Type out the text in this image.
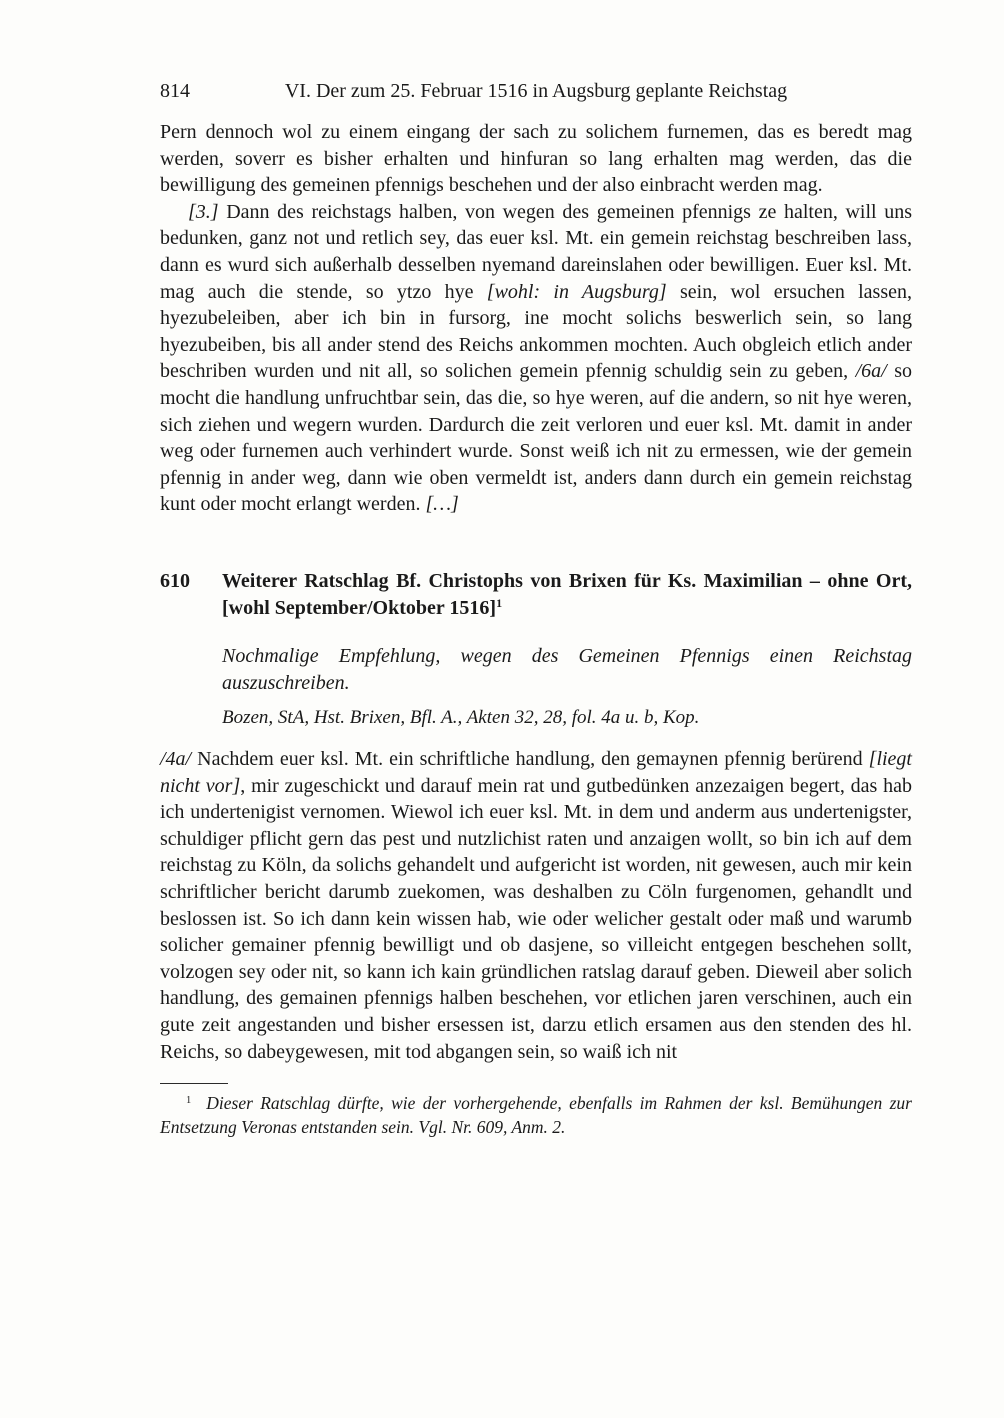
814	VI. Der zum 25. Februar 1516 in Augsburg geplante Reichstag

Pern dennoch wol zu einem eingang der sach zu solichem furnemen, das es beredt mag werden, soverr es bisher erhalten und hinfuran so lang erhalten mag werden, das die bewilligung des gemeinen pfennigs beschehen und der also einbracht werden mag.

[3.] Dann des reichstags halben, von wegen des gemeinen pfennigs ze halten, will uns bedunken, ganz not und retlich sey, das euer ksl. Mt. ein gemein reichstag beschreiben lass, dann es wurd sich außerhalb desselben nyemand dareinslahen oder bewilligen. Euer ksl. Mt. mag auch die stende, so ytzo hye [wohl: in Augsburg] sein, wol ersuchen lassen, hyezubeleiben, aber ich bin in fursorg, ine mocht solichs beswerlich sein, so lang hyezubeiben, bis all ander stend des Reichs ankommen mochten. Auch obgleich etlich ander beschriben wurden und nit all, so solichen gemein pfennig schuldig sein zu geben, /6a/ so mocht die handlung unfruchtbar sein, das die, so hye weren, auf die andern, so nit hye weren, sich ziehen und wegern wurden. Dardurch die zeit verloren und euer ksl. Mt. damit in ander weg oder furnemen auch verhindert wurde. Sonst weiß ich nit zu ermessen, wie der gemein pfennig in ander weg, dann wie oben vermeldt ist, anders dann durch ein gemein reichstag kunt oder mocht erlangt werden. […]

610	Weiterer Ratschlag Bf. Christophs von Brixen für Ks. Maximilian – ohne Ort, [wohl September/Oktober 1516]$^1$
Nochmalige Empfehlung, wegen des Gemeinen Pfennigs einen Reichstag auszuschreiben.
Bozen, StA, Hst. Brixen, Bfl. A., Akten 32, 28, fol. 4a u. b, Kop.
/4a/ Nachdem euer ksl. Mt. ein schriftliche handlung, den gemaynen pfennig berürend [liegt nicht vor], mir zugeschickt und darauf mein rat und gutbedünken anzezaigen begert, das hab ich undertenigist vernomen. Wiewol ich euer ksl. Mt. in dem und anderm aus undertenigster, schuldiger pflicht gern das pest und nutzlichist raten und anzaigen wollt, so bin ich auf dem reichstag zu Köln, da solichs gehandelt und aufgericht ist worden, nit gewesen, auch mir kein schriftlicher bericht darumb zuekomen, was deshalben zu Cöln furgenomen, gehandlt und beslossen ist. So ich dann kein wissen hab, wie oder welicher gestalt oder maß und warumb solicher gemainer pfennig bewilligt und ob dasjene, so villeicht entgegen beschehen sollt, volzogen sey oder nit, so kann ich kain gründlichen ratslag darauf geben. Dieweil aber solich handlung, des gemainen pfennigs halben beschehen, vor etlichen jaren verschinen, auch ein gute zeit angestanden und bisher ersessen ist, darzu etlich ersamen aus den stenden des hl. Reichs, so dabeygewesen, mit tod abgangen sein, so waiß ich nit
$^1$ Dieser Ratschlag dürfte, wie der vorhergehende, ebenfalls im Rahmen der ksl. Bemühungen zur Entsetzung Veronas entstanden sein. Vgl. Nr. 609, Anm. 2.
